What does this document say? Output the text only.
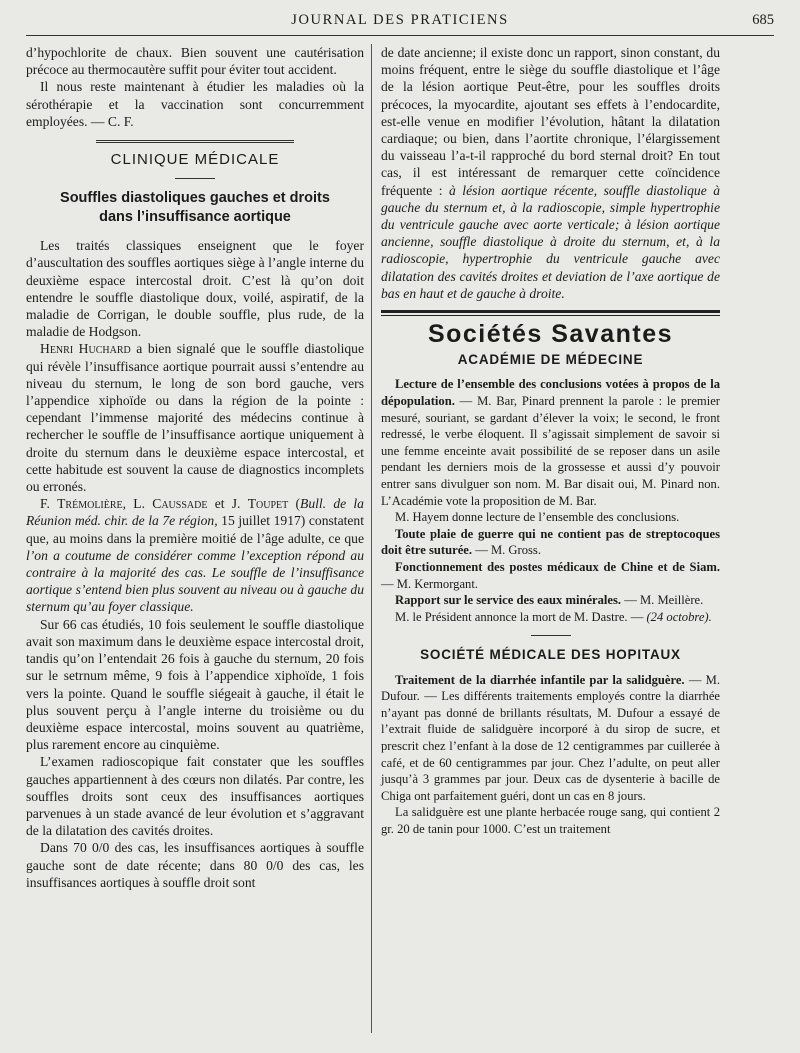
JOURNAL DES PRATICIENS	685

d’hypochlorite de chaux. Bien souvent une cautérisation précoce au thermocautère suffit pour éviter tout accident.

Il nous reste maintenant à étudier les maladies où la sérothérapie et la vaccination sont concurremment employées. — C. F.

CLINIQUE MÉDICALE
Souffles diastoliques gauches et droits
dans l’insuffisance aortique

Les traités classiques enseignent que le foyer d’auscultation des souffles aortiques siège à l’angle interne du deuxième espace intercostal droit. C’est là qu’on doit entendre le souffle diastolique doux, voilé, aspiratif, de la maladie de Corrigan, le double souffle, plus rude, de la maladie de Hodgson.

Henri Huchard a bien signalé que le souffle diastolique qui révèle l’insuffisance aortique pourrait aussi s’entendre au niveau du sternum, le long de son bord gauche, vers l’appendice xiphoïde ou dans la région de la pointe : cependant l’immense majorité des médecins continue à rechercher le souffle de l’insuffisance aortique uniquement à droite du sternum dans le deuxième espace intercostal, et cette habitude est souvent la cause de diagnostics incomplets ou erronés.

F. Trémolière, L. Caussade et J. Toupet (Bull. de la Réunion méd. chir. de la 7e région, 15 juillet 1917) constatent que, au moins dans la première moitié de l’âge adulte, ce que l’on a coutume de considérer comme l’exception répond au contraire à la majorité des cas. Le souffle de l’insuffisance aortique s’entend bien plus souvent au niveau ou à gauche du sternum qu’au foyer classique.

Sur 66 cas étudiés, 10 fois seulement le souffle diastolique avait son maximum dans le deuxième espace intercostal droit, tandis qu’on l’entendait 26 fois à gauche du sternum, 20 fois sur le setrnum même, 9 fois à l’appendice xiphoïde, 1 fois vers la pointe. Quand le souffle siégeait à gauche, il était le plus souvent perçu à l’angle interne du troisième ou du deuxième espace intercostal, moins souvent au quatrième, plus rarement encore au cinquième.

L’examen radioscopique fait constater que les souffles gauches appartiennent à des cœurs non dilatés. Par contre, les souffles droits sont ceux des insuffisances aortiques parvenues à un stade avancé de leur évolution et s’aggravant de la dilatation des cavités droites.

Dans 70 0/0 des cas, les insuffisances aortiques à souffle gauche sont de date récente; dans 80 0/0 des cas, les insuffisances aortiques à souffle droit sont

de date ancienne; il existe donc un rapport, sinon constant, du moins fréquent, entre le siège du souffle diastolique et l’âge de la lésion aortique Peut-être, pour les souffles droits précoces, la myocardite, ajoutant ses effets à l’endocardite, est-elle venue en modifier l’évolution, hâtant la dilatation cardiaque; ou bien, dans l’aortite chronique, l’élargissement du vaisseau l’a-t-il rapproché du bord sternal droit? En tout cas, il est intéressant de remarquer cette coïncidence fréquente : à lésion aortique récente, souffle diastolique à gauche du sternum et, à la radioscopie, simple hypertrophie du ventricule gauche avec aorte verticale; à lésion aortique ancienne, souffle diastolique à droite du sternum, et, à la radioscopie, hypertrophie du ventricule gauche avec dilatation des cavités droites et deviation de l’axe aortique de bas en haut et de gauche à droite.

Sociétés Savantes
ACADÉMIE DE MÉDECINE

Lecture de l’ensemble des conclusions votées à propos de la dépopulation. — M. Bar, Pinard prennent la parole : le premier mesuré, souriant, se gardant d’élever la voix; le second, le front redressé, le verbe éloquent. Il s’agissait simplement de savoir si une femme enceinte avait possibilité de se reposer dans un asile pendant les derniers mois de la grossesse et aussi d’y pouvoir entrer sans divulguer son nom. M. Bar disait oui, M. Pinard non. L’Académie vote la proposition de M. Bar.

M. Hayem donne lecture de l’ensemble des conclusions.

Toute plaie de guerre qui ne contient pas de streptocoques doit être suturée. — M. Gross.

Fonctionnement des postes médicaux de Chine et de Siam. — M. Kermorgant.

Rapport sur le service des eaux minérales. — M. Meillère.

M. le Président annonce la mort de M. Dastre. — (24 octobre).

SOCIÉTÉ MÉDICALE DES HOPITAUX

Traitement de la diarrhée infantile par la salidguère. — M. Dufour. — Les différents traitements employés contre la diarrhée n’ayant pas donné de brillants résultats, M. Dufour a essayé de l’extrait fluide de salidguère incorporé à du sirop de sucre, et prescrit chez l’enfant à la dose de 12 centigrammes par cuillerée à café, et de 60 centigrammes par jour. Chez l’adulte, on peut aller jusqu’à 3 grammes par jour. Deux cas de dysenterie à bacille de Chiga ont parfaitement guéri, dont un cas en 8 jours.

La salidguère est une plante herbacée rouge sang, qui contient 2 gr. 20 de tanin pour 1000. C’est un traitement
